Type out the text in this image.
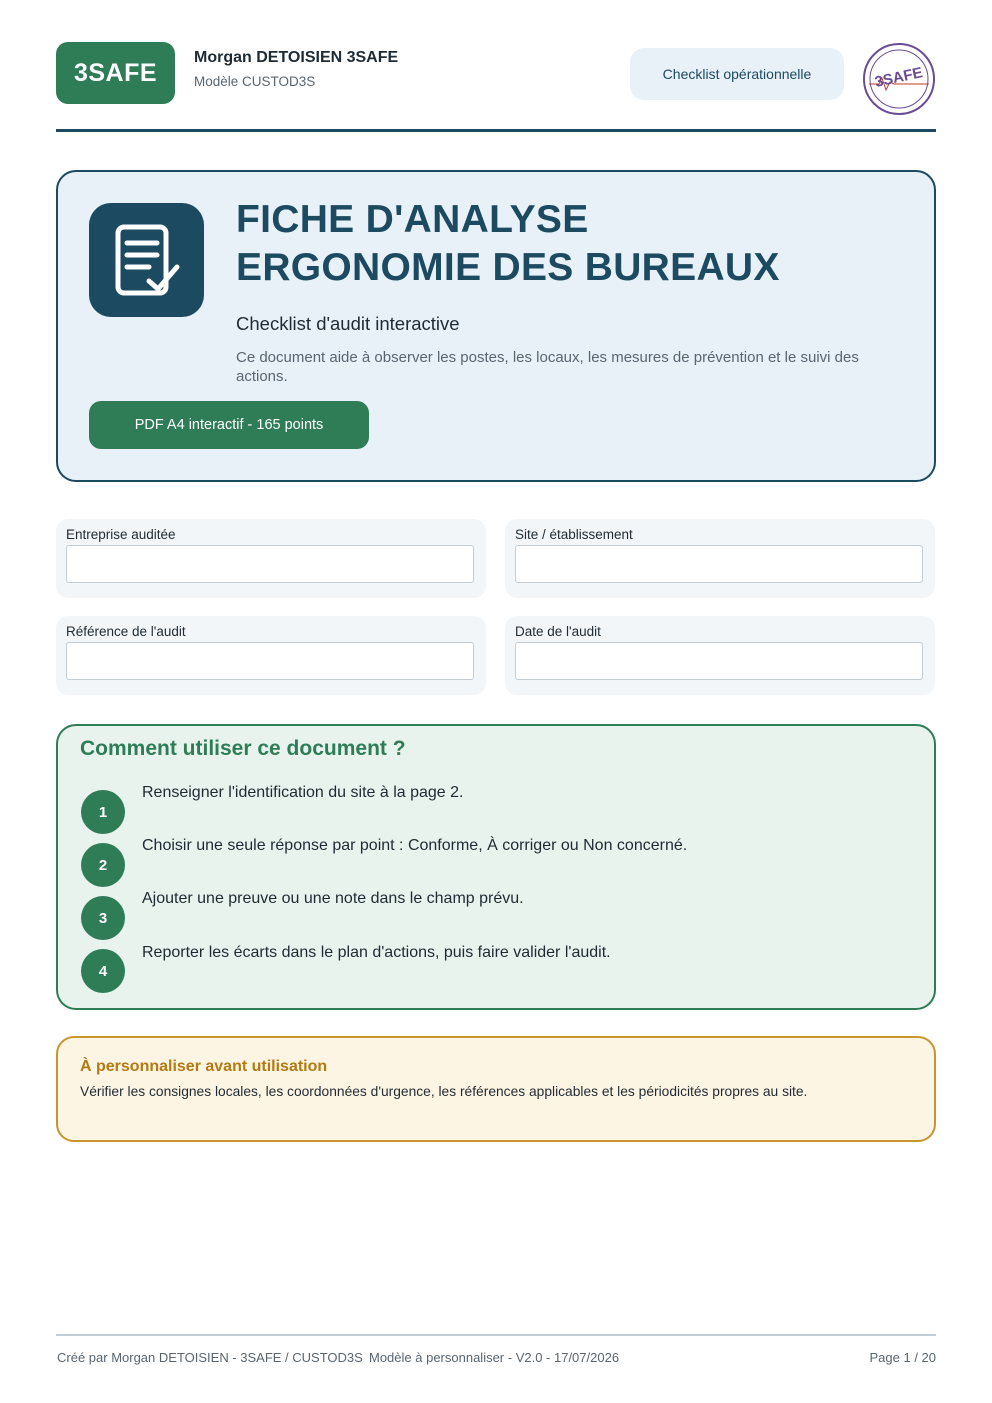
3SAFE
Morgan DETOISIEN 3SAFE
Modèle CUSTOD3S	Checklist opérationnelle	3SAFE
FICHE D'ANALYSE
ERGONOMIE DES BUREAUX
Checklist d'audit interactive
Ce document aide à observer les postes, les locaux, les mesures de prévention et le suivi des actions.
PDF A4 interactif - 165 points
Entreprise auditée	Site / établissement
Référence de l'audit	Date de l'audit
Comment utiliser ce document ?
1
Renseigner l'identification du site à la page 2.
2
Choisir une seule réponse par point : Conforme, À corriger ou Non concerné.
3
Ajouter une preuve ou une note dans le champ prévu.
4
Reporter les écarts dans le plan d'actions, puis faire valider l'audit.
À personnaliser avant utilisation
Vérifier les consignes locales, les coordonnées d'urgence, les références applicables et les périodicités propres au site.
Créé par Morgan DETOISIEN - 3SAFE / CUSTOD3S Modèle à personnaliser - V2.0 - 17/07/2026	Page 1 / 20
